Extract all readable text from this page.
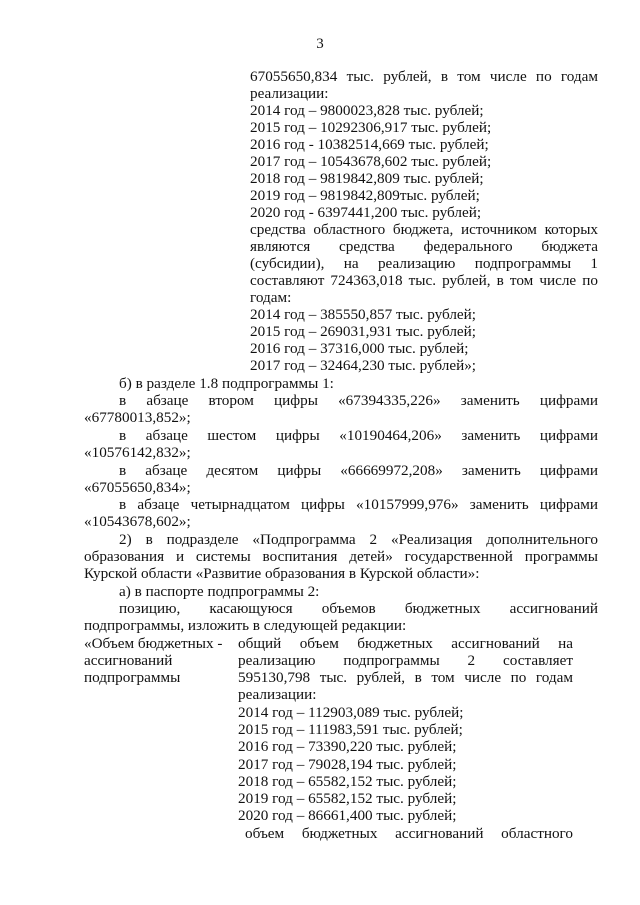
3
67055650,834 тыс. рублей, в том числе по годам
реализации:
2014 год – 9800023,828 тыс. рублей;
2015 год – 10292306,917 тыс. рублей;
2016 год - 10382514,669 тыс. рублей;
2017 год – 10543678,602 тыс. рублей;
2018 год – 9819842,809 тыс. рублей;
2019 год – 9819842,809тыс. рублей;
2020 год - 6397441,200 тыс. рублей;
средства областного бюджета, источником которых
являются средства федерального бюджета
(субсидии), на реализацию подпрограммы 1
составляют 724363,018 тыс. рублей, в том числе по
годам:
2014 год – 385550,857 тыс. рублей;
2015 год – 269031,931 тыс. рублей;
2016 год – 37316,000 тыс. рублей;
2017 год – 32464,230 тыс. рублей»;
б) в разделе 1.8 подпрограммы 1:
в абзаце втором цифры «67394335,226» заменить цифрами
«67780013,852»;
в абзаце шестом цифры «10190464,206» заменить цифрами
«10576142,832»;
в абзаце десятом цифры «66669972,208» заменить цифрами
«67055650,834»;
в абзаце четырнадцатом цифры «10157999,976» заменить цифрами
«10543678,602»;
2) в подразделе «Подпрограмма 2 «Реализация дополнительного
образования и системы воспитания детей» государственной программы
Курской области «Развитие образования в Курской области»:
а) в паспорте подпрограммы 2:
позицию, касающуюся объемов бюджетных ассигнований
подпрограммы, изложить в следующей редакции:
«Объем бюджетных -
ассигнований
подпрограммы
общий объем бюджетных ассигнований на
реализацию подпрограммы 2 составляет
595130,798 тыс. рублей, в том числе по годам
реализации:
2014 год – 112903,089 тыс. рублей;
2015 год – 111983,591 тыс. рублей;
2016 год – 73390,220 тыс. рублей;
2017 год – 79028,194 тыс. рублей;
2018 год – 65582,152 тыс. рублей;
2019 год – 65582,152 тыс. рублей;
2020 год – 86661,400 тыс. рублей;
объем бюджетных ассигнований областного
